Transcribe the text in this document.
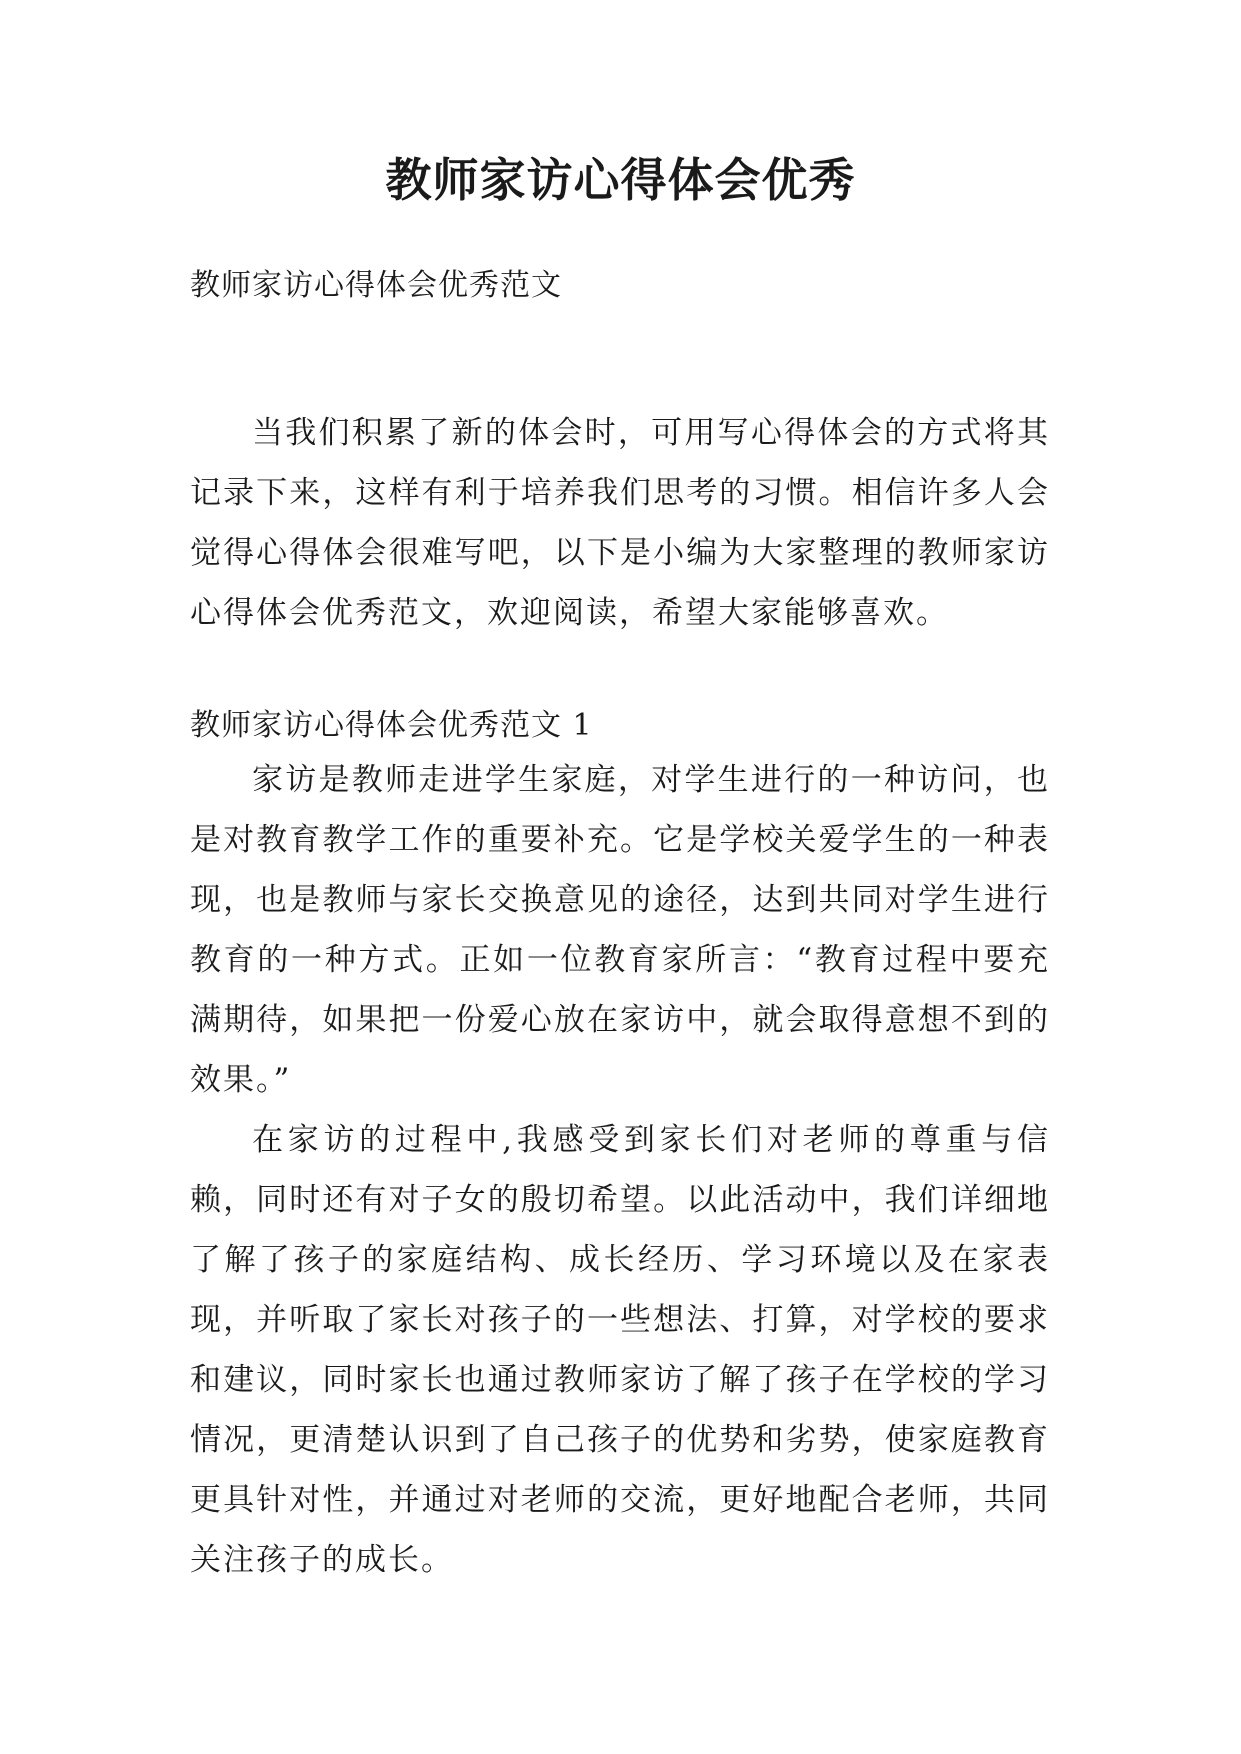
教师家访心得体会优秀
教师家访心得体会优秀范文

当我们积累了新的体会时，可用写心得体会的方式将其记录下来，这样有利于培养我们思考的习惯。相信许多人会觉得心得体会很难写吧，以下是小编为大家整理的教师家访心得体会优秀范文，欢迎阅读，希望大家能够喜欢。

教师家访心得体会优秀范文 1

家访是教师走进学生家庭，对学生进行的一种访问，也是对教育教学工作的重要补充。它是学校关爱学生的一种表现，也是教师与家长交换意见的途径，达到共同对学生进行教育的一种方式。正如一位教育家所言：“教育过程中要充满期待，如果把一份爱心放在家访中，就会取得意想不到的效果。”

在家访的过程中,我感受到家长们对老师的尊重与信赖，同时还有对子女的殷切希望。以此活动中，我们详细地了解了孩子的家庭结构、成长经历、学习环境以及在家表现，并听取了家长对孩子的一些想法、打算，对学校的要求和建议，同时家长也通过教师家访了解了孩子在学校的学习情况，更清楚认识到了自己孩子的优势和劣势，使家庭教育更具针对性，并通过对老师的交流，更好地配合老师，共同关注孩子的成长。
